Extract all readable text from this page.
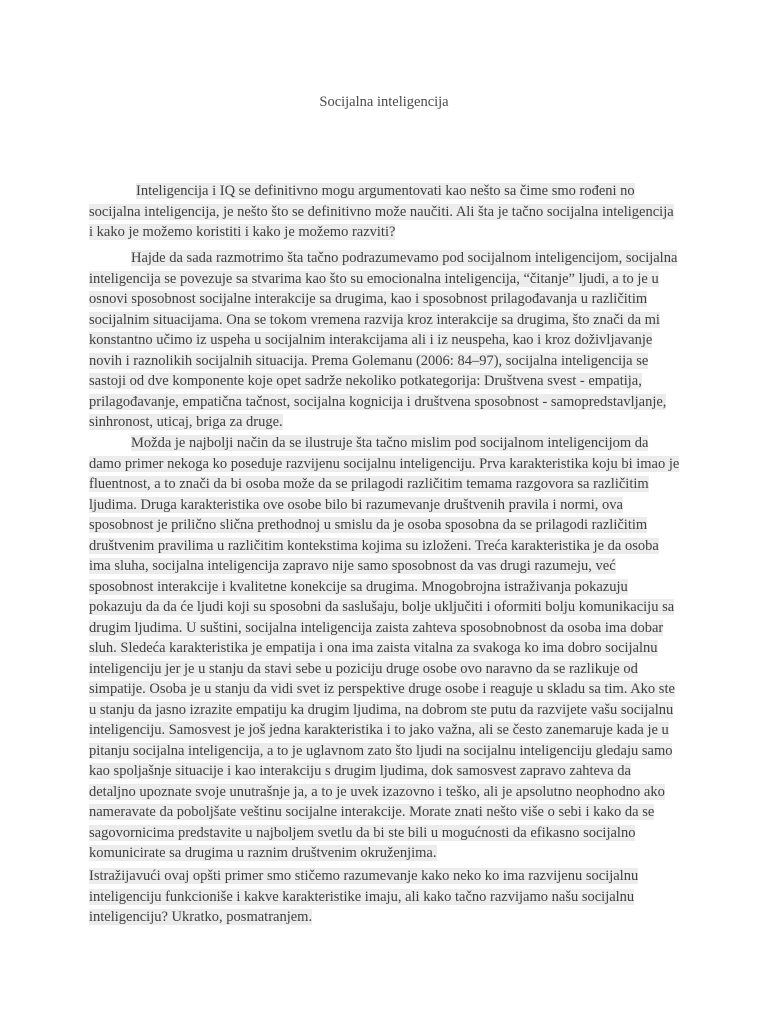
Socijalna inteligencija
Inteligencija i IQ se definitivno mogu argumentovati kao nešto sa čime smo rođeni no socijalna inteligencija, je nešto što se definitivno može naučiti. Ali šta je tačno socijalna inteligencija i kako je možemo koristiti i kako je možemo razviti?
Hajde da sada razmotrimo šta tačno podrazumevamo pod socijalnom inteligencijom, socijalna inteligencija se povezuje sa stvarima kao što su emocionalna inteligencija, “čitanje” ljudi, a to je u osnovi sposobnost socijalne interakcije sa drugima, kao i sposobnost prilagođavanja u različitim socijalnim situacijama. Ona se tokom vremena razvija kroz interakcije sa drugima, što znači da mi konstantno učimo iz uspeha u socijalnim interakcijama ali i iz neuspeha, kao i kroz doživljavanje novih i raznolikih socijalnih situacija. Prema Golemanu (2006: 84–97), socijalna inteligencija se sastoji od dve komponente koje opet sadrže nekoliko potkategorija: Društvena svest - empatija, prilagođavanje, empatična tačnost, socijalna kognicija i društvena sposobnost - samopredstavljanje, sinhronost, uticaj, briga za druge.
Možda je najbolji način da se ilustruje šta tačno mislim pod socijalnom inteligencijom da damo primer nekoga ko poseduje razvijenu socijalnu inteligenciju. Prva karakteristika koju bi imao je fluentnost, a to znači da bi osoba može da se prilagodi različitim temama razgovora sa različitim ljudima. Druga karakteristika ove osobe bilo bi razumevanje društvenih pravila i normi, ova sposobnost je prilično slična prethodnoj u smislu da je osoba sposobna da se prilagodi različitim društvenim pravilima u različitim kontekstima kojima su izloženi. Treća karakteristika je da osoba ima sluha, socijalna inteligencija zapravo nije samo sposobnost da vas drugi razumeju, već sposobnost interakcije i kvalitetne konekcije sa drugima. Mnogobrojna istraživanja pokazuju pokazuju da da će ljudi koji su sposobni da saslušaju, bolje uključiti i oformiti bolju komunikaciju sa drugim ljudima. U suštini, socijalna inteligencija zaista zahteva sposobnobnost da osoba ima dobar sluh. Sledeća karakteristika je empatija i ona ima zaista vitalna za svakoga ko ima dobro socijalnu inteligenciju jer je u stanju da stavi sebe u poziciju druge osobe ovo naravno da se razlikuje od simpatije. Osoba je u stanju da vidi svet iz perspektive druge osobe i reaguje u skladu sa tim. Ako ste u stanju da jasno izrazite empatiju ka drugim ljudima, na dobrom ste putu da razvijete vašu socijalnu inteligenciju. Samosvest je još jedna karakteristika i to jako važna, ali se često zanemaruje kada je u pitanju socijalna inteligencija, a to je uglavnom zato što ljudi na socijalnu inteligenciju gledaju samo kao spoljašnje situacije i kao interakciju s drugim ljudima, dok samosvest zapravo zahteva da detaljno upoznate svoje unutrašnje ja, a to je uvek izazovno i teško, ali je apsolutno neophodno ako nameravate da poboljšate veštinu socijalne interakcije. Morate znati nešto više o sebi i kako da se sagovornicima predstavite u najboljem svetlu da bi ste bili u mogućnosti da efikasno socijalno komunicirate sa drugima u raznim društvenim okruženjima.
Istražijavući ovaj opšti primer smo stičemo razumevanje kako neko ko ima razvijenu socijalnu inteligenciju funkcioniše i kakve karakteristike imaju, ali kako tačno razvijamo našu socijalnu inteligenciju? Ukratko, posmatranjem.
